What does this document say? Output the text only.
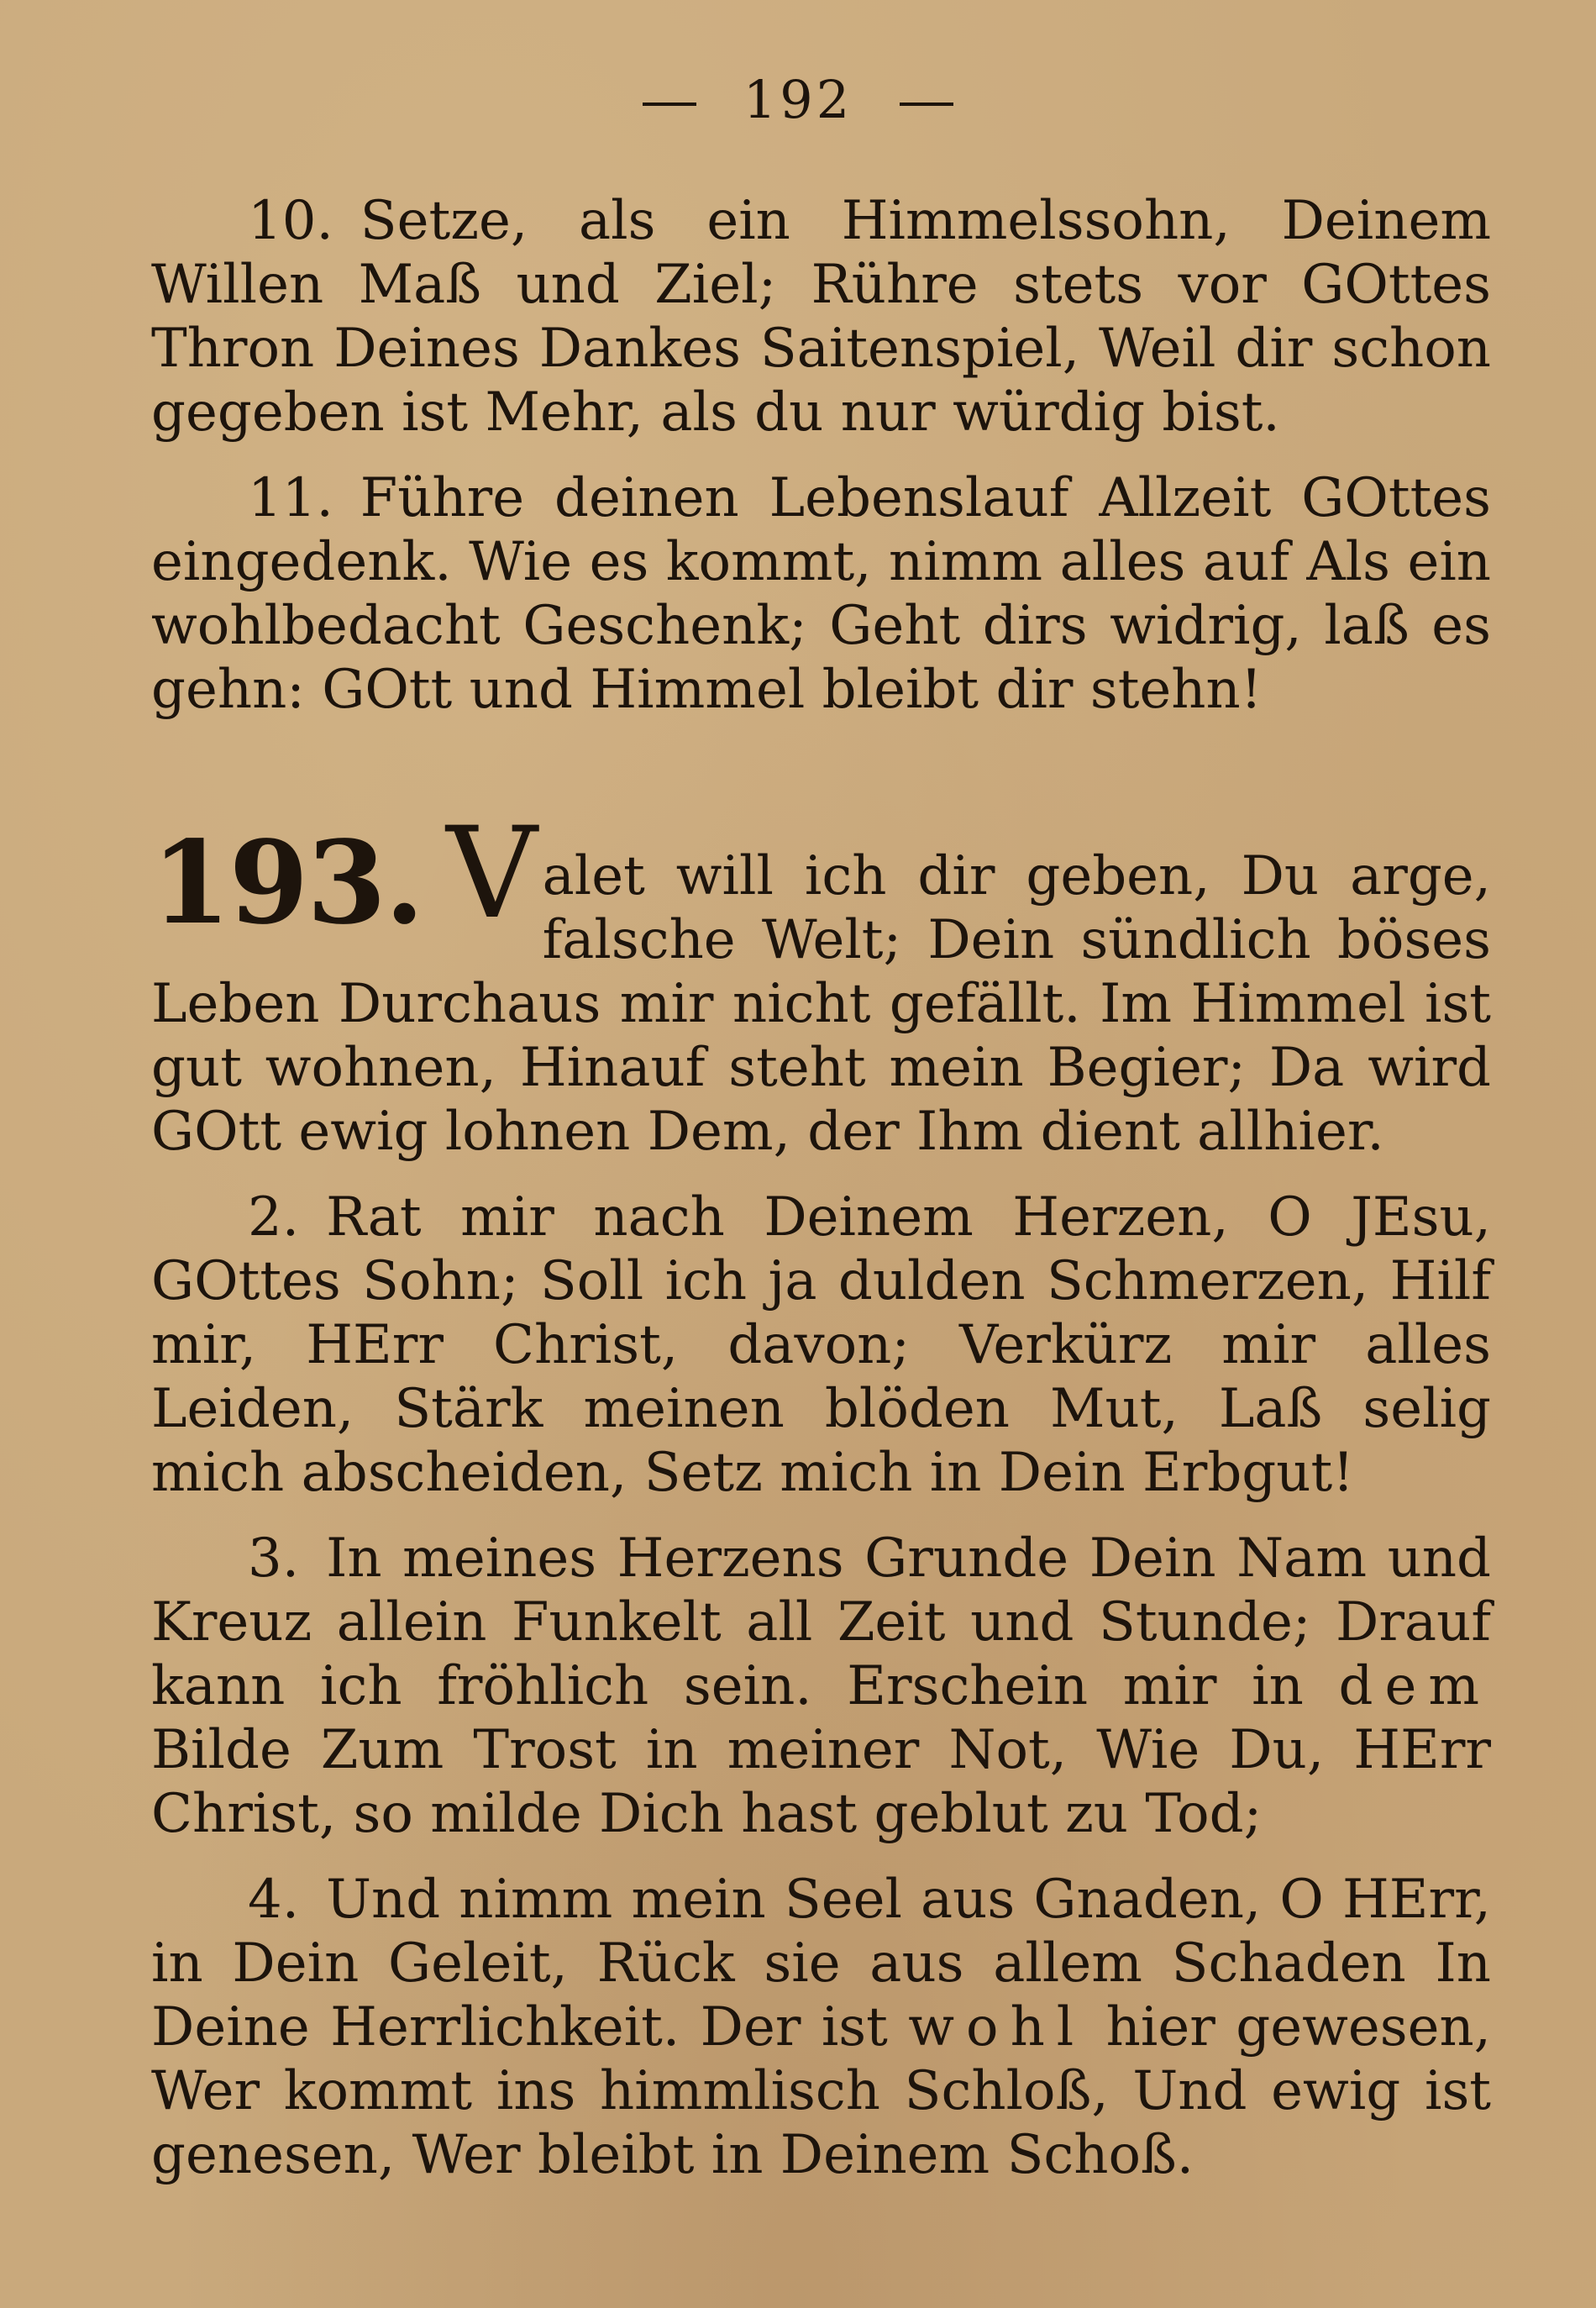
192

10. Setze, als ein Himmelssohn, Deinem Willen Maß und Ziel; Rühre stets vor GOttes Thron Deines Dankes Saitenspiel, Weil dir schon gegeben ist Mehr, als du nur würdig bist.

11. Führe deinen Lebenslauf Allzeit GOttes eingedenk. Wie es kommt, nimm alles auf Als ein wohlbedacht Geschenk; Geht dirs widrig, laß es gehn: GOtt und Himmel bleibt dir stehn!

193. V alet will ich dir geben, Du arge, falsche Welt; Dein sündlich böses Leben Durchaus mir nicht gefällt. Im Himmel ist gut wohnen, Hinauf steht mein Begier; Da wird GOtt ewig lohnen Dem, der Ihm dient allhier.

2. Rat mir nach Deinem Herzen, O JEsu, GOttes Sohn; Soll ich ja dulden Schmerzen, Hilf mir, HErr Christ, davon; Verkürz mir alles Leiden, Stärk meinen blöden Mut, Laß selig mich abscheiden, Setz mich in Dein Erbgut!

3. In meines Herzens Grunde Dein Nam und Kreuz allein Funkelt all Zeit und Stunde; Drauf kann ich fröhlich sein. Erschein mir in dem Bilde Zum Trost in meiner Not, Wie Du, HErr Christ, so milde Dich hast geblut zu Tod;

4. Und nimm mein Seel aus Gnaden, O HErr, in Dein Geleit, Rück sie aus allem Schaden In Deine Herrlichkeit. Der ist wohl hier gewesen, Wer kommt ins himmlisch Schloß, Und ewig ist genesen, Wer bleibt in Deinem Schoß.
